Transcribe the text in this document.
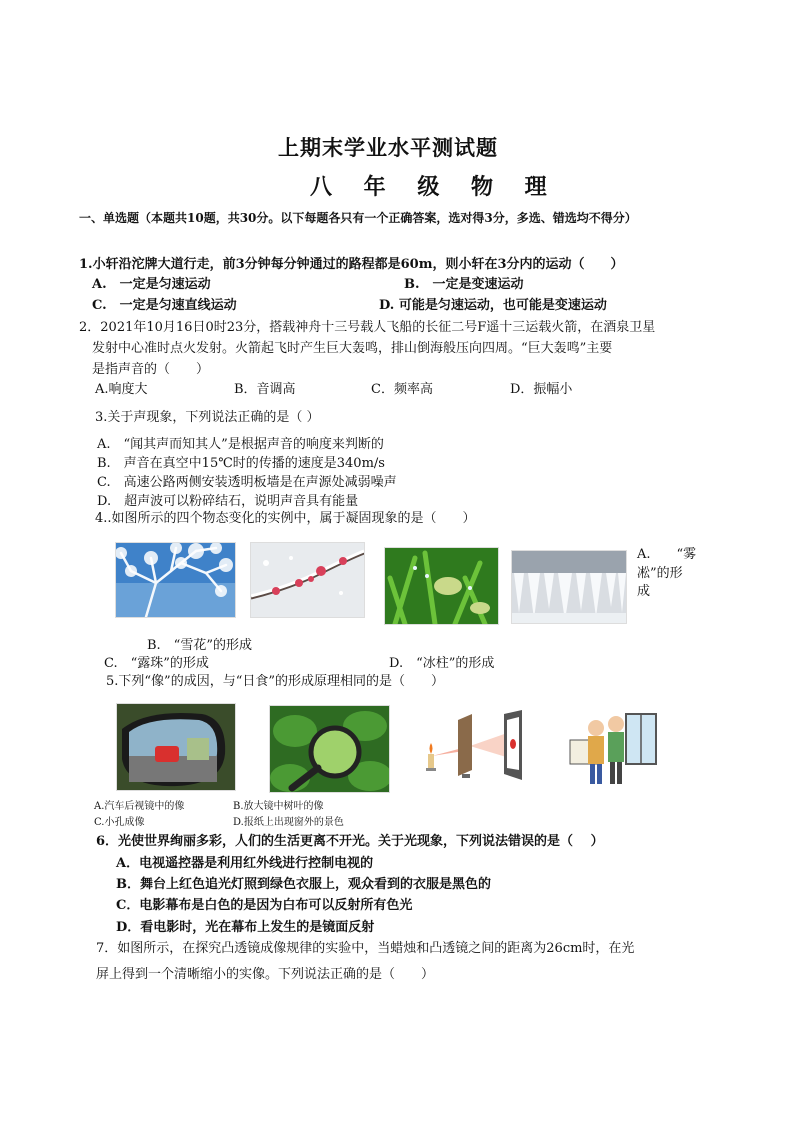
上期末学业水平测试题
八 年 级 物 理
一、单选题（本题共10题，共30分。以下每题各只有一个正确答案，选对得3分，多选、错选均不得分）
1.小轩沿沱牌大道行走，前3分钟每分钟通过的路程都是60m，则小轩在3分内的运动（　　）
A.　一定是匀速运动	B.　一定是变速运动
C.　一定是匀速直线运动	D. 可能是匀速运动，也可能是变速运动
2．2021年10月16日0时23分，搭载神舟十三号载人飞船的长征二号F遥十三运载火箭，在酒泉卫星
发射中心准时点火发射。火箭起飞时产生巨大轰鸣，排山倒海般压向四周。“巨大轰鸣”主要
是指声音的（　　）
A.响度大	B．音调高	C．频率高	D．振幅小
3.关于声现象，下列说法正确的是（ ）
A.　“闻其声而知其人”是根据声音的响度来判断的
B.　声音在真空中15℃时的传播的速度是340m/s
C.　高速公路两侧安装透明板墙是在声源处减弱噪声
D.　超声波可以粉碎结石，说明声音具有能量
4..如图所示的四个物态变化的实例中，属于凝固现象的是（　　）
A.　　“雾
凇”的形
成
B.　“雪花”的形成
C.　“露珠”的形成	D.　“冰柱”的形成
5.下列“像”的成因，与“日食”的形成原理相同的是（　　）
A.汽车后视镜中的像	B.放大镜中树叶的像
C.小孔成像	D.报纸上出现窗外的景色
6．光使世界绚丽多彩，人们的生活更离不开光。关于光现象，下列说法错误的是（　 ）
A．电视遥控器是利用红外线进行控制电视的
B．舞台上红色追光灯照到绿色衣服上，观众看到的衣服是黑色的
C．电影幕布是白色的是因为白布可以反射所有色光
D．看电影时，光在幕布上发生的是镜面反射
7．如图所示，在探究凸透镜成像规律的实验中，当蜡烛和凸透镜之间的距离为26cm时，在光
屏上得到一个清晰缩小的实像。下列说法正确的是（　　）
